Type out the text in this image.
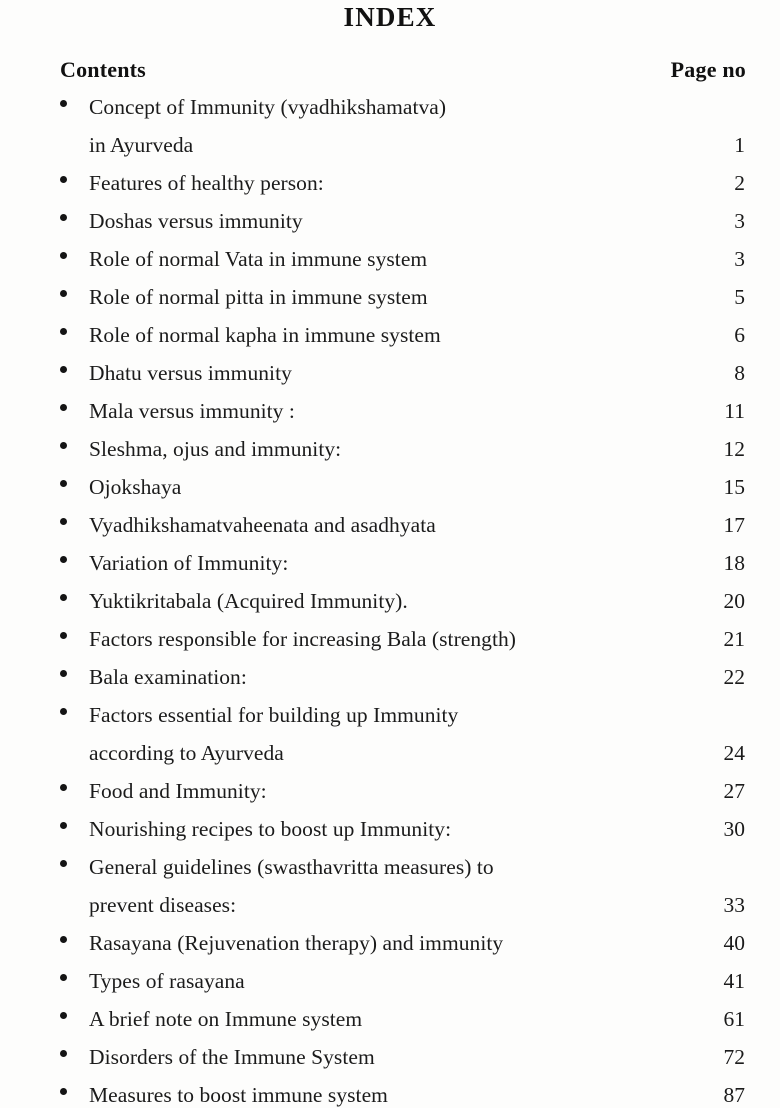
INDEX
Contents	Page no
Concept of Immunity (vyadhikshamatva)
in Ayurveda	1
Features of healthy person:	2
Doshas versus immunity	3
Role of normal Vata in immune system	3
Role of normal pitta in immune system	5
Role of normal kapha in immune system	6
Dhatu versus immunity	8
Mala versus immunity :	11
Sleshma, ojus and immunity:	12
Ojokshaya	15
Vyadhikshamatvaheenata and asadhyata	17
Variation of Immunity:	18
Yuktikritabala (Acquired Immunity).	20
Factors responsible for increasing Bala (strength)	21
Bala examination:	22
Factors essential for building up Immunity
according to Ayurveda	24
Food and Immunity:	27
Nourishing recipes to boost up Immunity:	30
General guidelines (swasthavritta measures) to
prevent diseases:	33
Rasayana (Rejuvenation therapy) and immunity	40
Types of rasayana	41
A brief note on Immune system	61
Disorders of the Immune System	72
Measures to boost immune system	87
